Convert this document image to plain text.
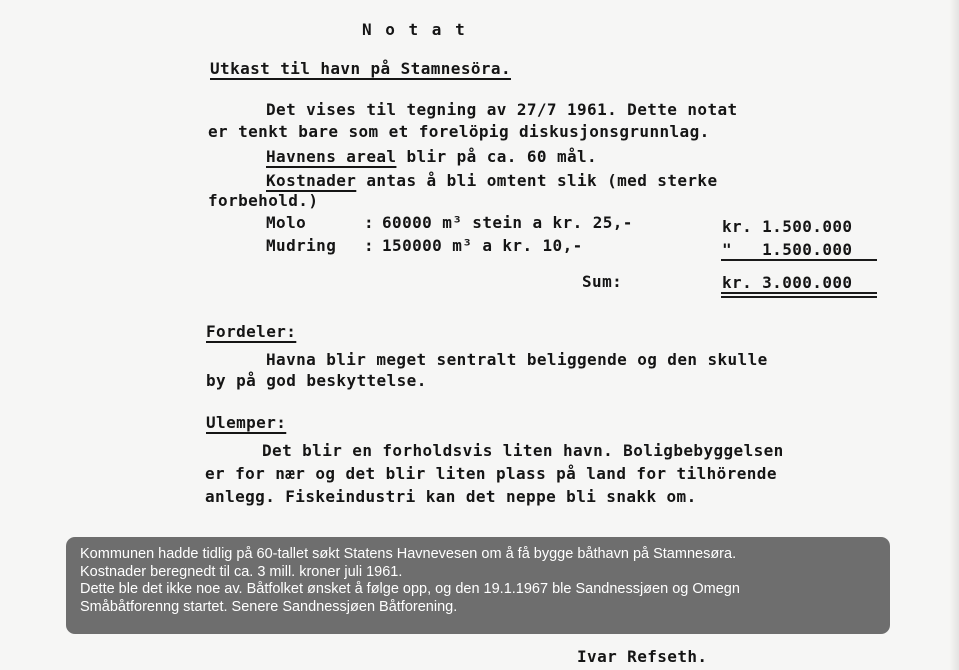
N o t a t
Utkast til havn på Stamnesöra.
Det vises til tegning av 27/7 1961. Dette notat
er tenkt bare som et forelöpig diskusjonsgrunnlag.
Havnens areal blir på ca. 60 mål.
Kostnader antas å bli omtent slik (med sterke
forbehold.)
Molo	: 60000 m³ stein a kr. 25,-	kr. 1.500.000
Mudring : 150000 m³ a kr. 10,-	"   1.500.000
Sum:	kr. 3.000.000
Fordeler:
Havna blir meget sentralt beliggende og den skulle
by på god beskyttelse.
Ulemper:
Det blir en forholdsvis liten havn. Boligbebyggelsen
er for nær og det blir liten plass på land for tilhörende
anlegg. Fiskeindustri kan det neppe bli snakk om.
Ivar Refseth.
Kommunen hadde tidlig på 60-tallet søkt Statens Havnevesen om å få bygge båthavn på Stamnesøra.
Kostnader beregnedt til ca. 3 mill. kroner juli 1961.
Dette ble det ikke noe av. Båtfolket ønsket å følge opp, og den 19.1.1967 ble Sandnessjøen og Omegn
Småbåtforenng startet. Senere Sandnessjøen Båtforening.
